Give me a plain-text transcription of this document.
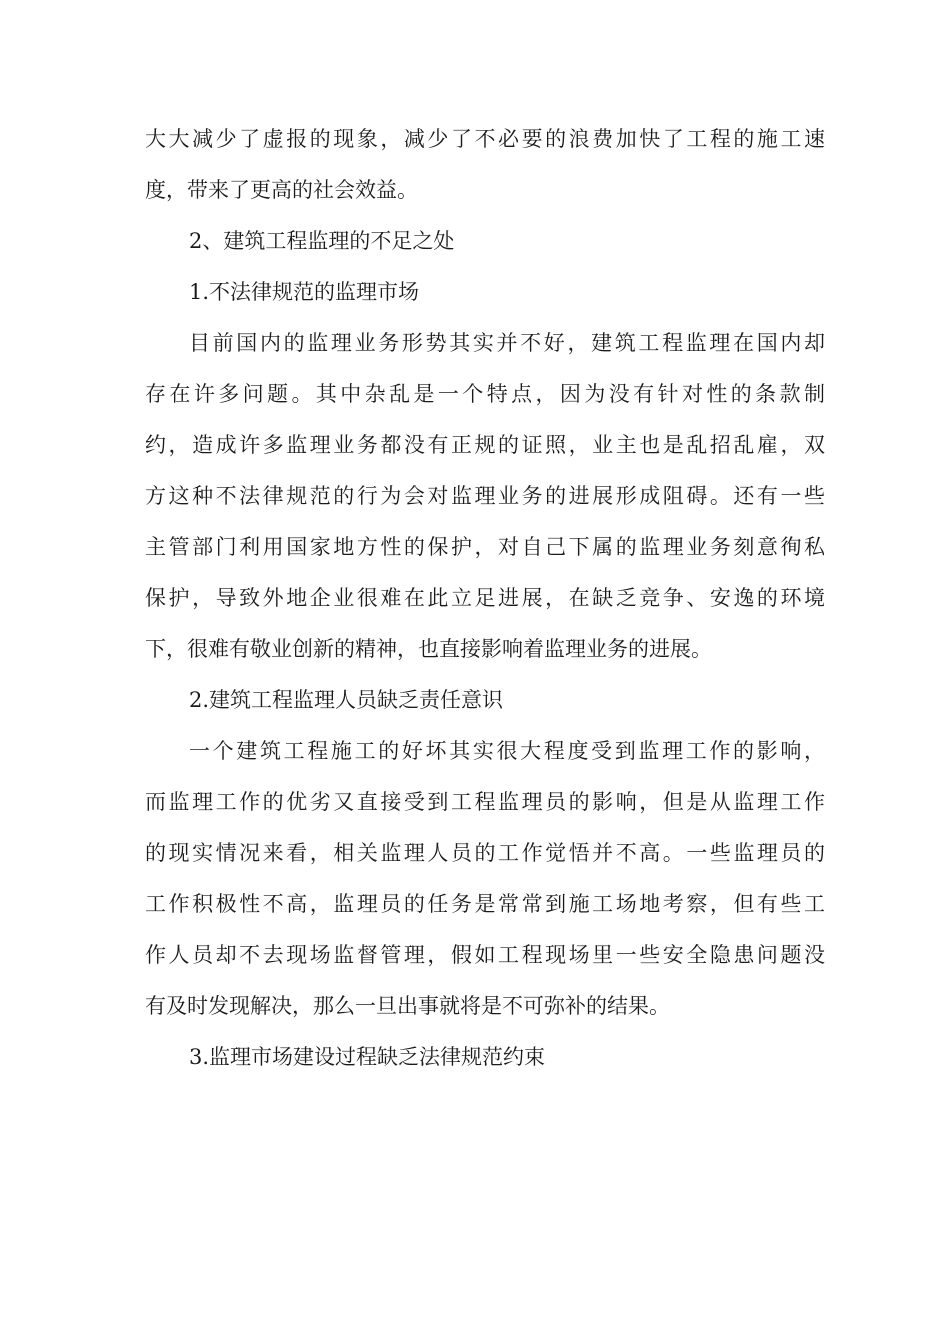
大大减少了虚报的现象，减少了不必要的浪费加快了工程的施工速
度，带来了更高的社会效益。
2、建筑工程监理的不足之处
1.不法律规范的监理市场
目前国内的监理业务形势其实并不好，建筑工程监理在国内却
存在许多问题。其中杂乱是一个特点，因为没有针对性的条款制
约，造成许多监理业务都没有正规的证照，业主也是乱招乱雇，双
方这种不法律规范的行为会对监理业务的进展形成阻碍。还有一些
主管部门利用国家地方性的保护，对自己下属的监理业务刻意徇私
保护，导致外地企业很难在此立足进展，在缺乏竞争、安逸的环境
下，很难有敬业创新的精神，也直接影响着监理业务的进展。
2.建筑工程监理人员缺乏责任意识
一个建筑工程施工的好坏其实很大程度受到监理工作的影响，
而监理工作的优劣又直接受到工程监理员的影响，但是从监理工作
的现实情况来看，相关监理人员的工作觉悟并不高。一些监理员的
工作积极性不高，监理员的任务是常常到施工场地考察，但有些工
作人员却不去现场监督管理，假如工程现场里一些安全隐患问题没
有及时发现解决，那么一旦出事就将是不可弥补的结果。
3.监理市场建设过程缺乏法律规范约束
